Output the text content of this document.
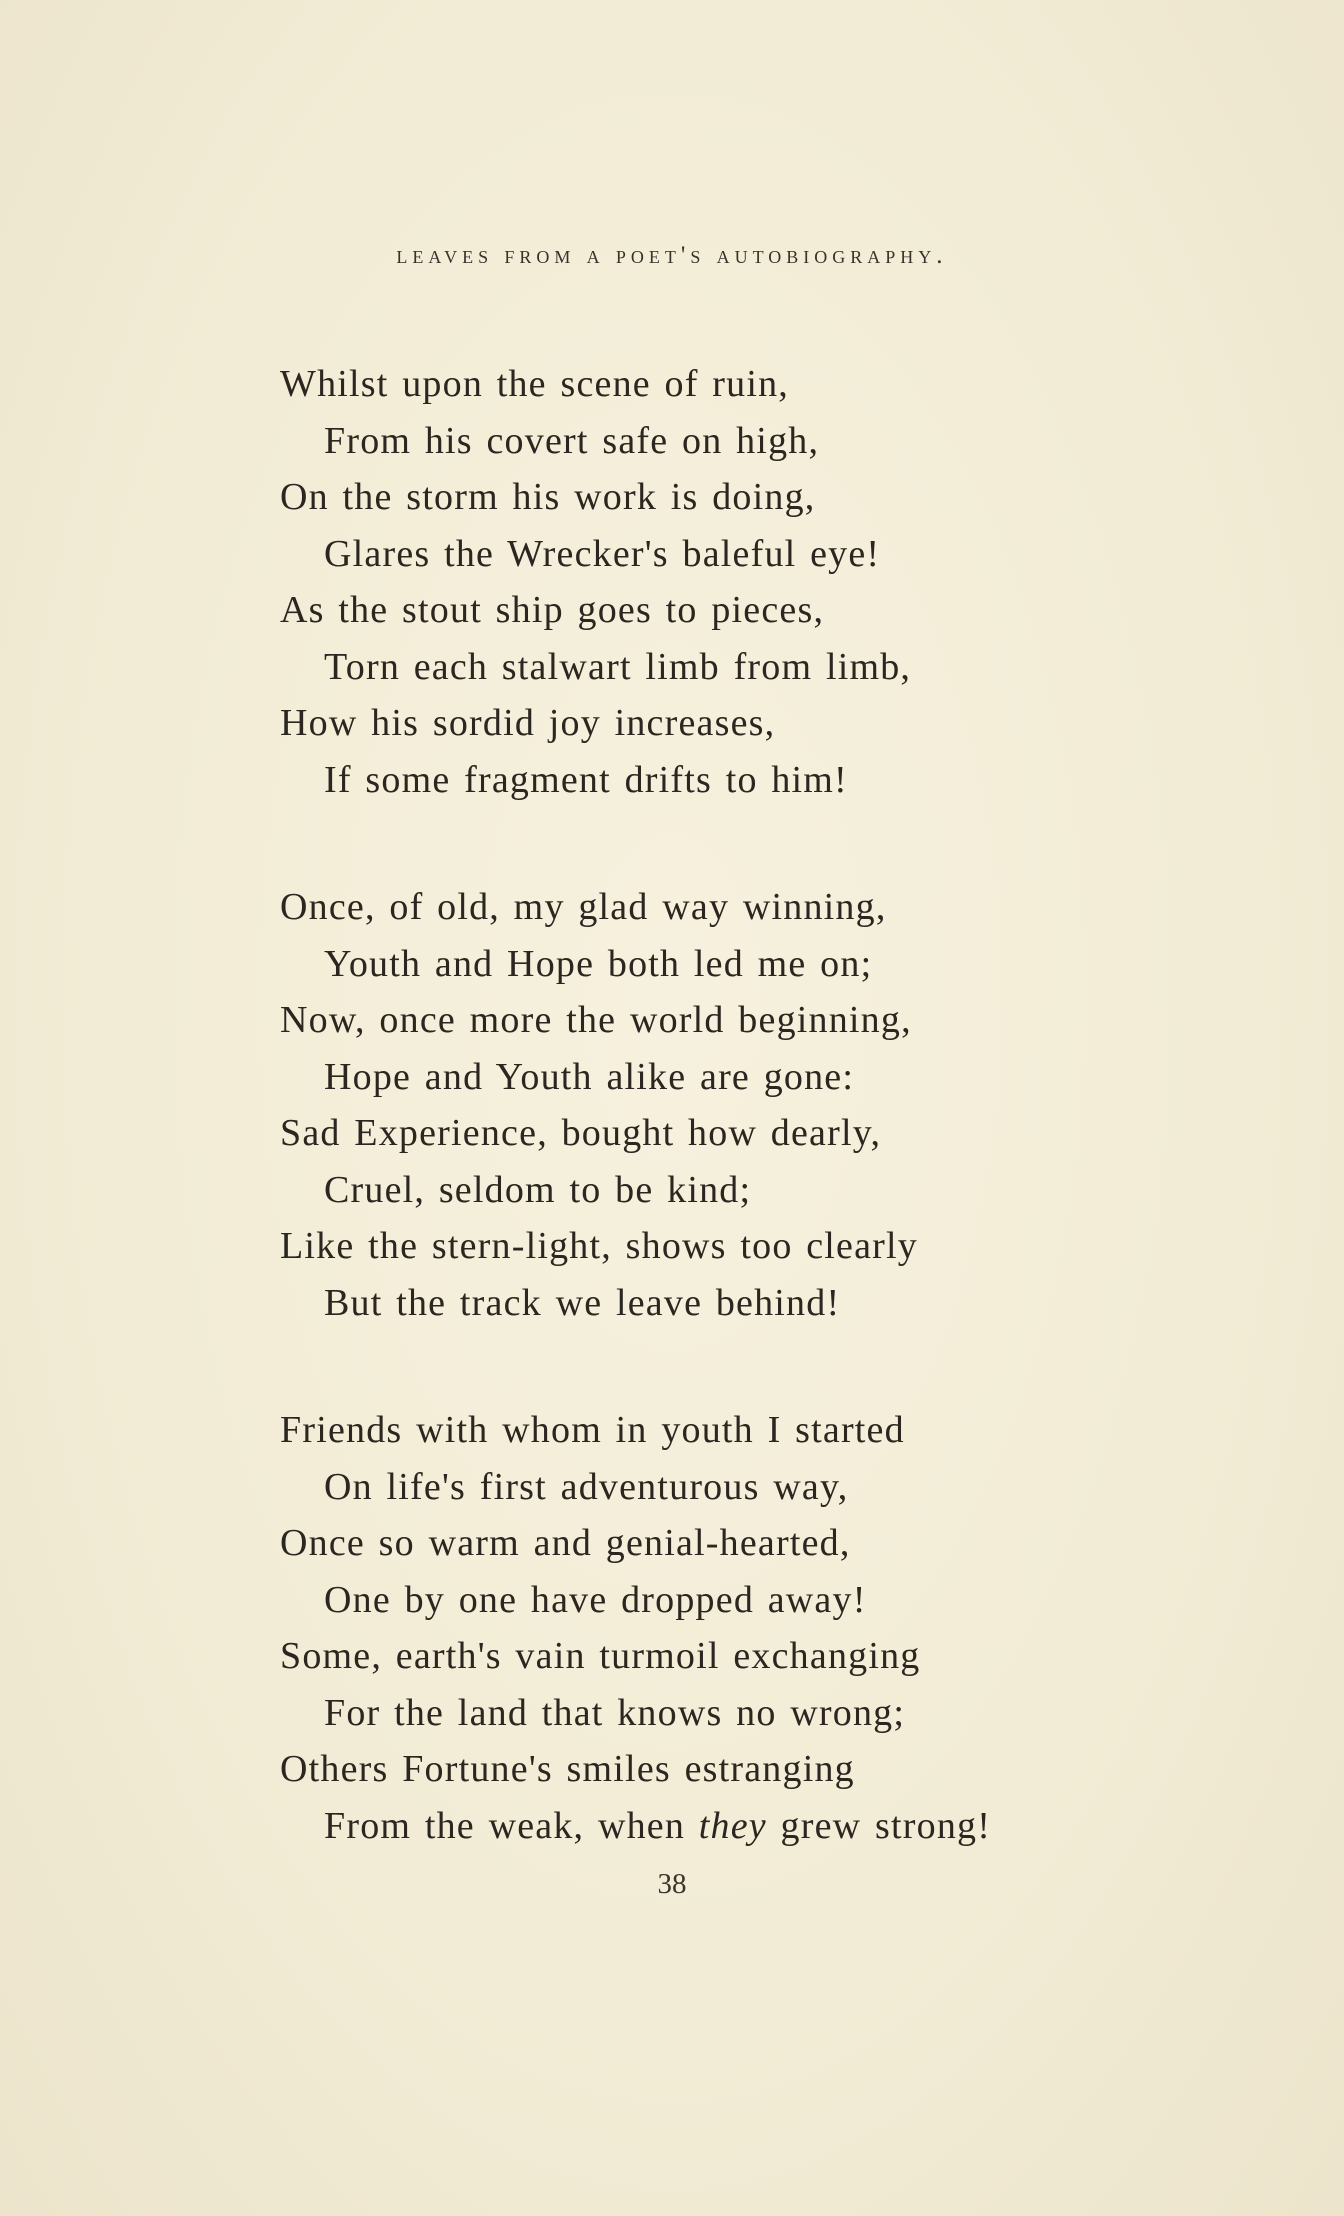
leaves from a poet's autobiography.
Whilst upon the scene of ruin,
From his covert safe on high,
On the storm his work is doing,
Glares the Wrecker's baleful eye!
As the stout ship goes to pieces,
Torn each stalwart limb from limb,
How his sordid joy increases,
If some fragment drifts to him!
Once, of old, my glad way winning,
Youth and Hope both led me on;
Now, once more the world beginning,
Hope and Youth alike are gone:
Sad Experience, bought how dearly,
Cruel, seldom to be kind;
Like the stern-light, shows too clearly
But the track we leave behind!
Friends with whom in youth I started
On life's first adventurous way,
Once so warm and genial-hearted,
One by one have dropped away!
Some, earth's vain turmoil exchanging
For the land that knows no wrong;
Others Fortune's smiles estranging
From the weak, when they grew strong!

38
